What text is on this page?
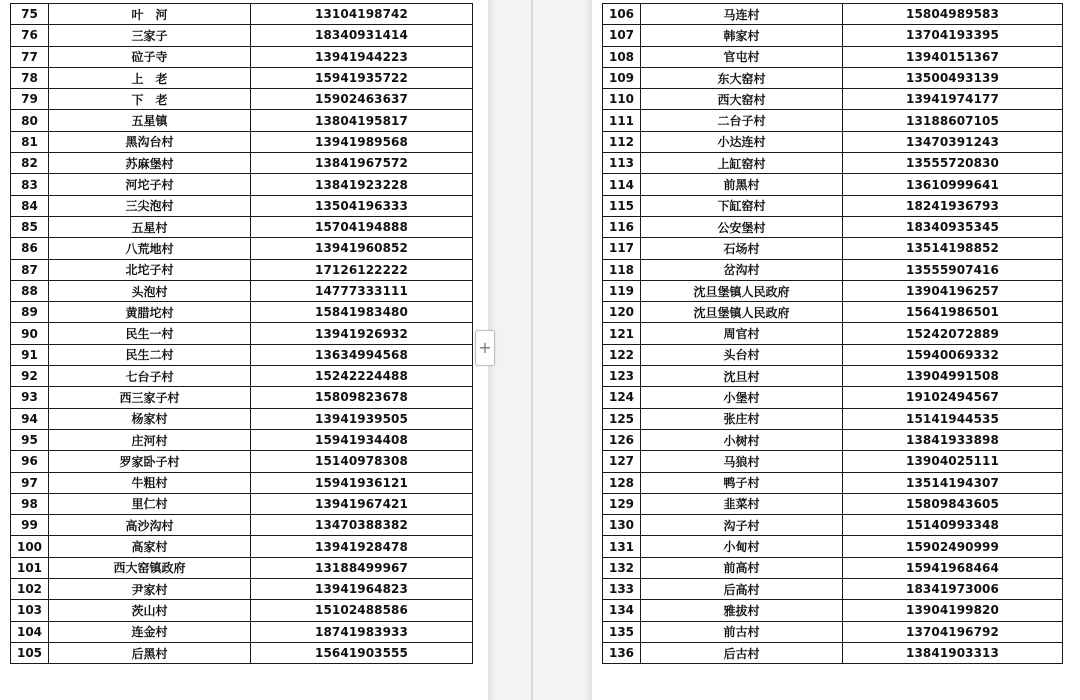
75	叶　河	13104198742
76	三家子	18340931414
77	砬子寺	13941944223
78	上　老	15941935722
79	下　老	15902463637
80	五星镇	13804195817
81	黑沟台村	13941989568
82	苏麻堡村	13841967572
83	河坨子村	13841923228
84	三尖泡村	13504196333
85	五星村	15704194888
86	八荒地村	13941960852
87	北坨子村	17126122222
88	头泡村	14777333111
89	黄腊坨村	15841983480
90	民生一村	13941926932
91	民生二村	13634994568
92	七台子村	15242224488
93	西三家子村	15809823678
94	杨家村	13941939505
95	庄河村	15941934408
96	罗家卧子村	15140978308
97	牛粗村	15941936121
98	里仁村	13941967421
99	高沙沟村	13470388382
100	高家村	13941928478
101	西大窑镇政府	13188499967
102	尹家村	13941964823
103	茨山村	15102488586
104	连金村	18741983933
105	后黑村	15641903555
+
106	马连村	15804989583
107	韩家村	13704193395
108	官屯村	13940151367
109	东大窑村	13500493139
110	西大窑村	13941974177
111	二台子村	13188607105
112	小达连村	13470391243
113	上缸窑村	13555720830
114	前黑村	13610999641
115	下缸窑村	18241936793
116	公安堡村	18340935345
117	石场村	13514198852
118	岔沟村	13555907416
119	沈旦堡镇人民政府	13904196257
120	沈旦堡镇人民政府	15641986501
121	周官村	15242072889
122	头台村	15940069332
123	沈旦村	13904991508
124	小堡村	19102494567
125	张庄村	15141944535
126	小树村	13841933898
127	马狼村	13904025111
128	鸭子村	13514194307
129	韭菜村	15809843605
130	沟子村	15140993348
131	小甸村	15902490999
132	前高村	15941968464
133	后高村	18341973006
134	雅拔村	13904199820
135	前古村	13704196792
136	后古村	13841903313
